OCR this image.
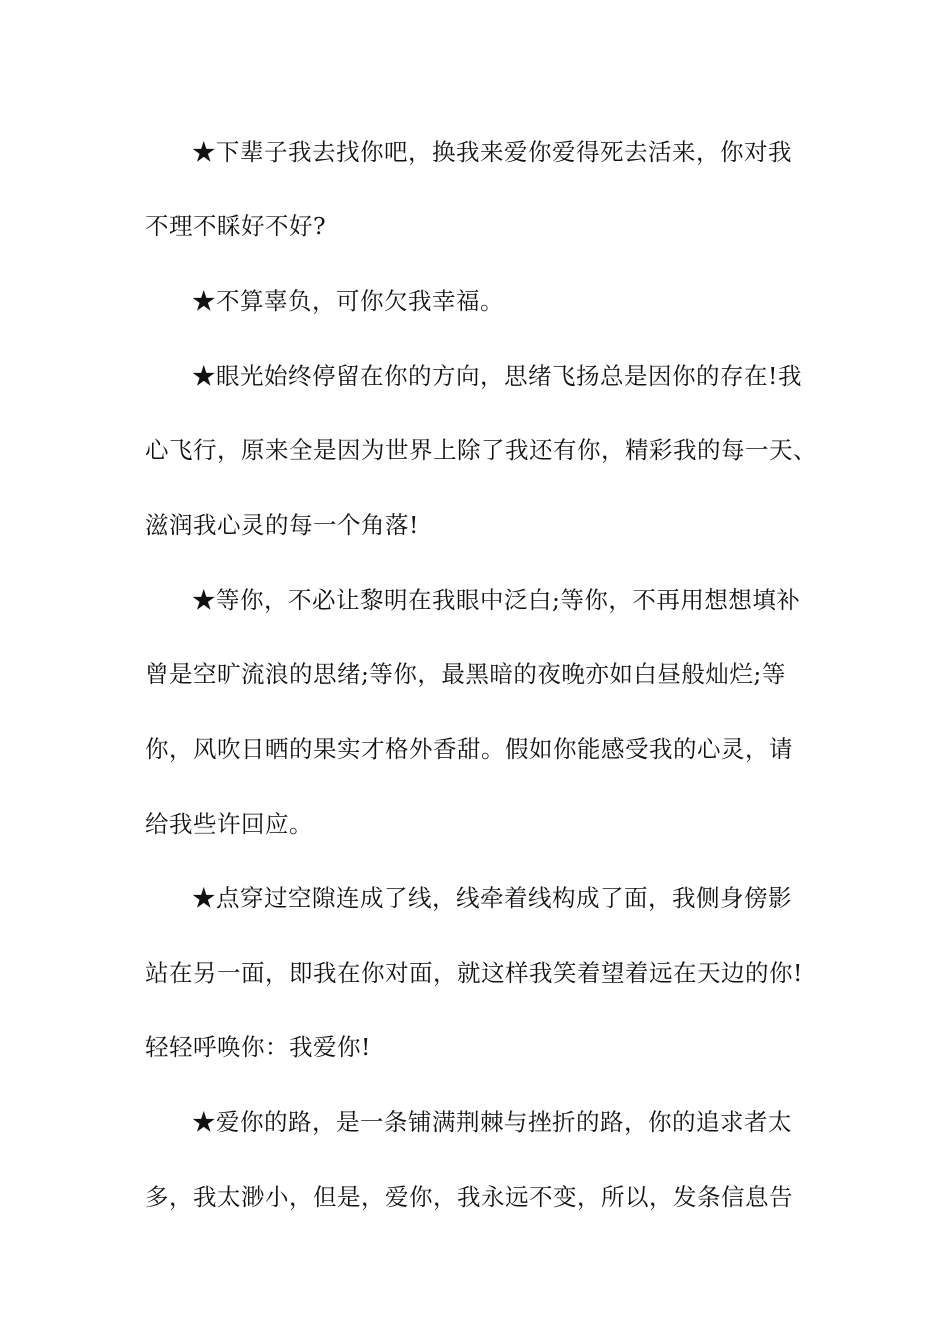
★下辈子我去找你吧，换我来爱你爱得死去活来，你对我
不理不睬好不好?
★不算辜负，可你欠我幸福。
★眼光始终停留在你的方向，思绪飞扬总是因你的存在!我
心飞行，原来全是因为世界上除了我还有你，精彩我的每一天、
滋润我心灵的每一个角落!
★等你，不必让黎明在我眼中泛白;等你，不再用想想填补
曾是空旷流浪的思绪;等你，最黑暗的夜晚亦如白昼般灿烂;等
你，风吹日晒的果实才格外香甜。假如你能感受我的心灵，请
给我些许回应。
★点穿过空隙连成了线，线牵着线构成了面，我侧身傍影
站在另一面，即我在你对面，就这样我笑着望着远在天边的你!
轻轻呼唤你：我爱你!
★爱你的路，是一条铺满荆棘与挫折的路，你的追求者太
多，我太渺小，但是，爱你，我永远不变，所以，发条信息告
